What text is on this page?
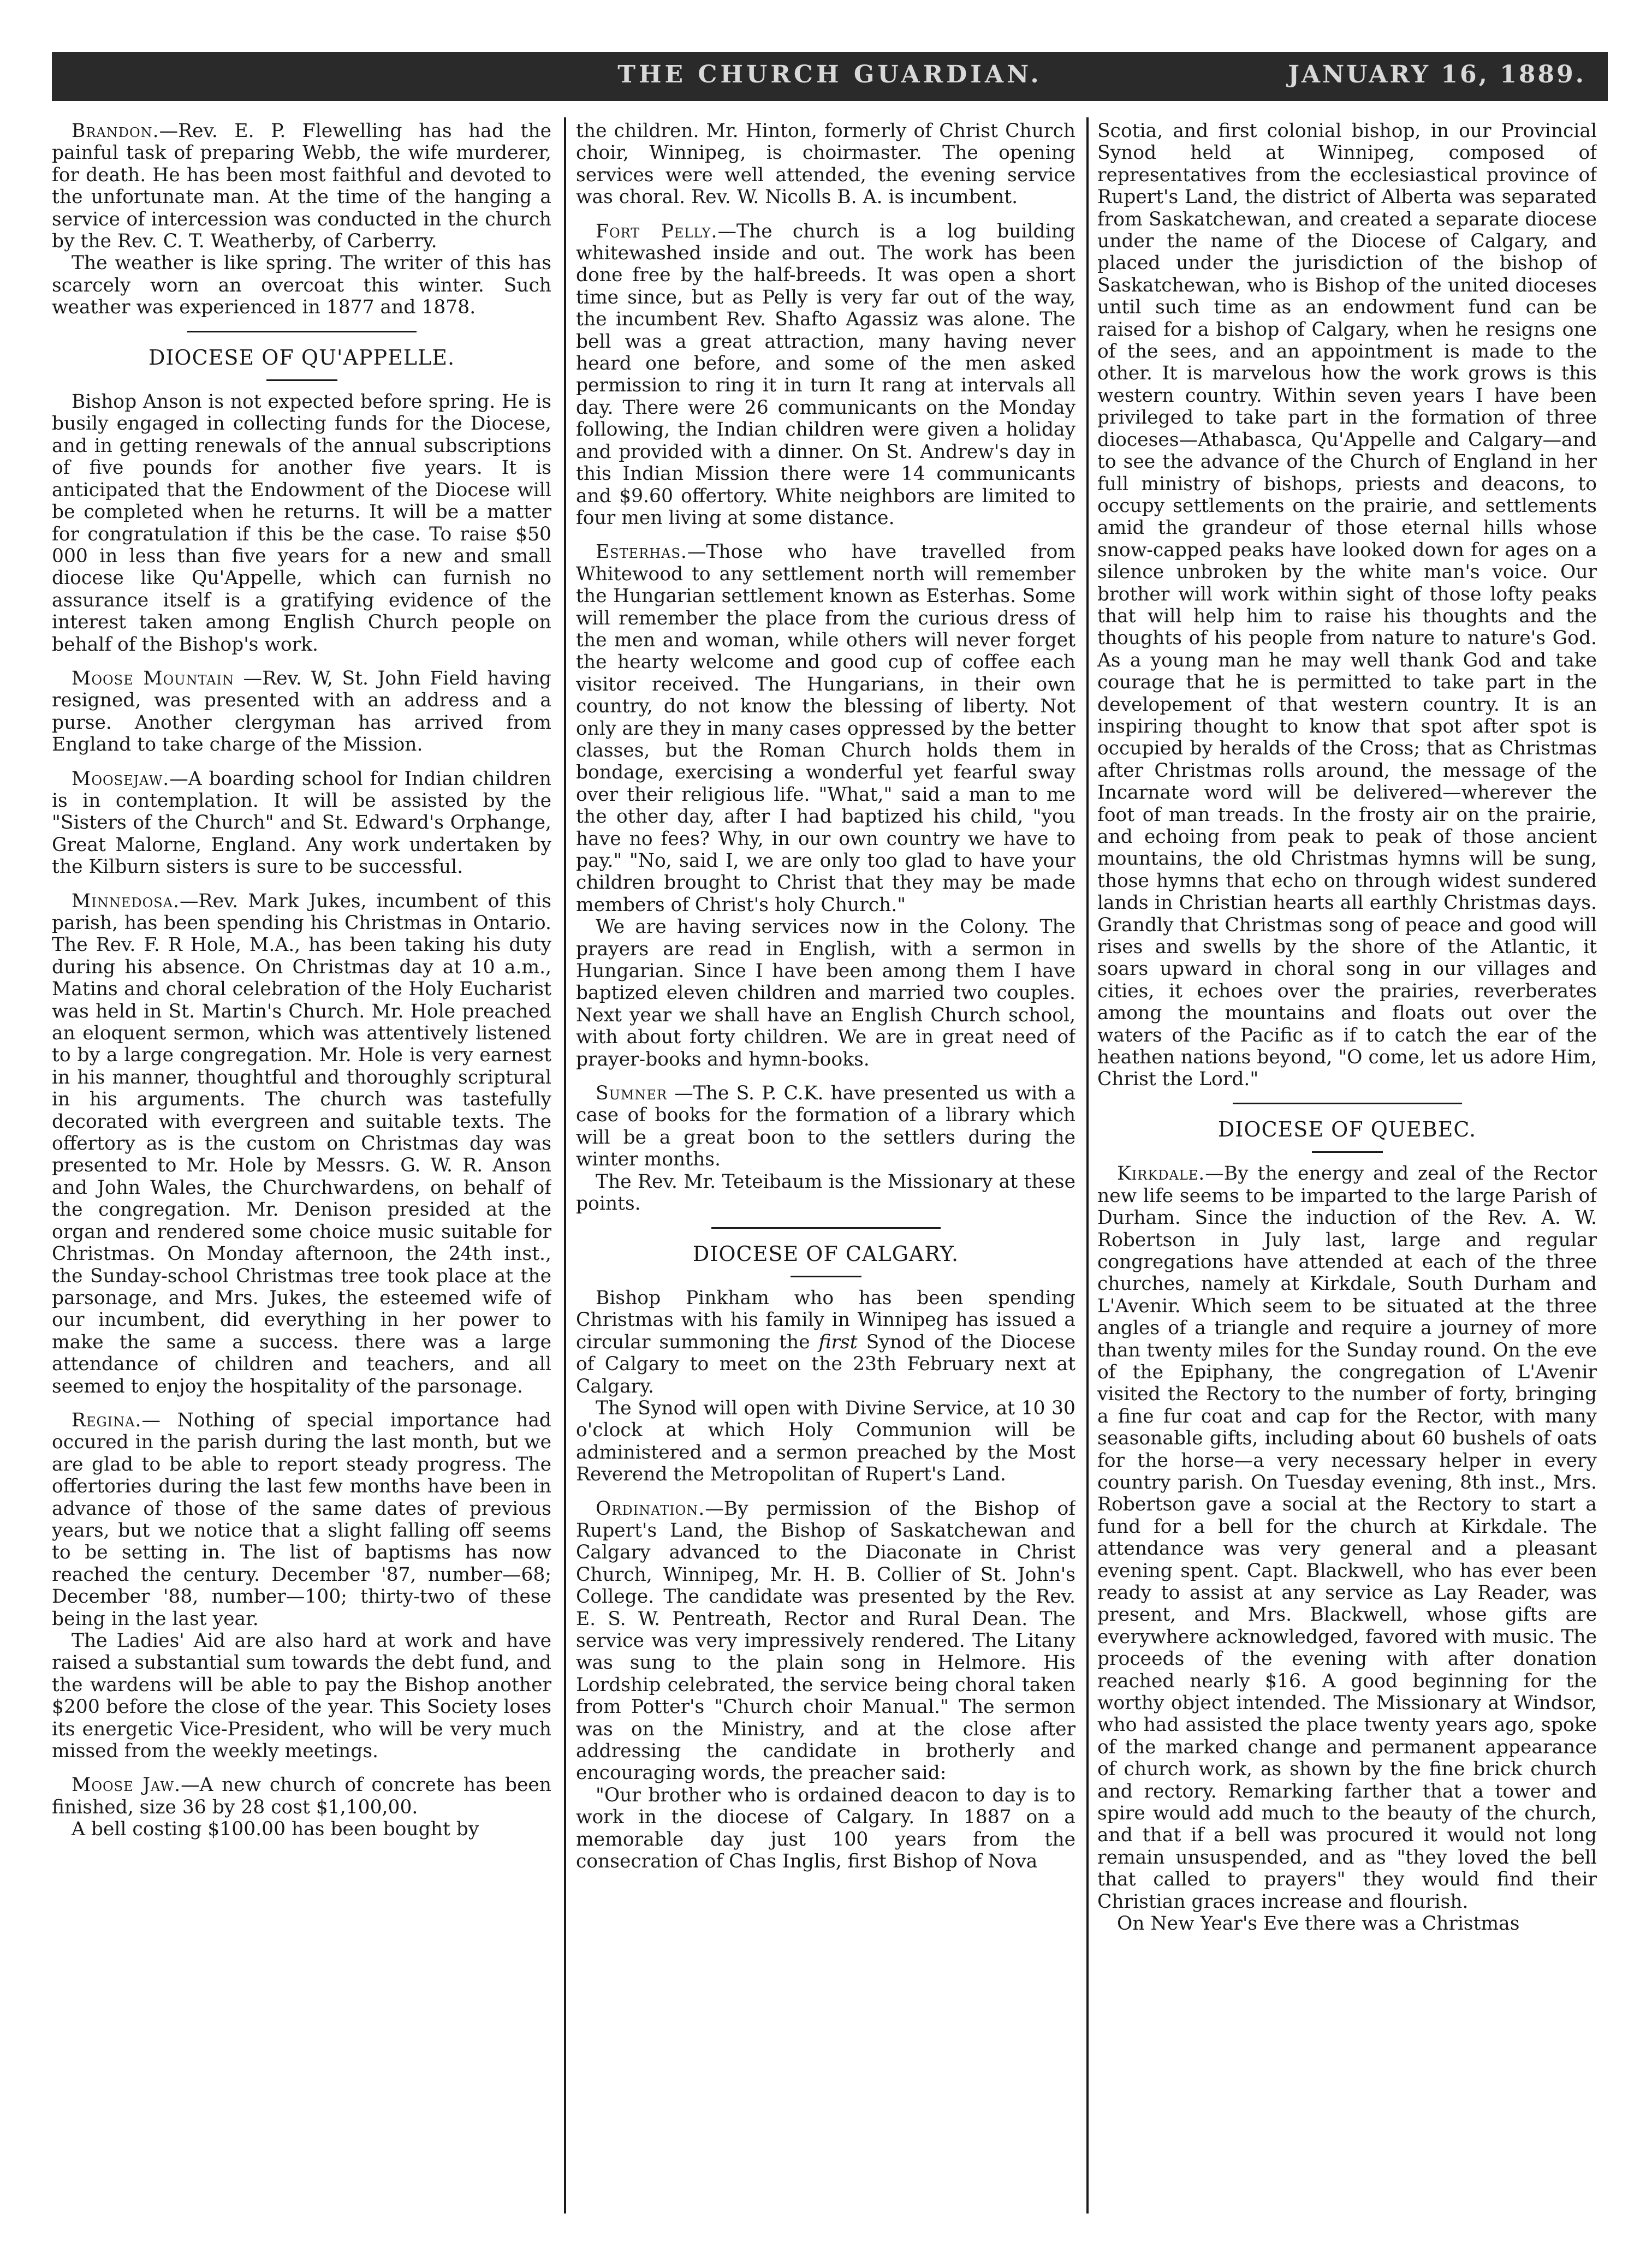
THE CHURCH GUARDIAN.	JANUARY 16, 1889.

Brandon.—Rev. E. P. Flewelling has had the painful task of preparing Webb, the wife murderer, for death. He has been most faithful and devoted to the unfortunate man. At the time of the hanging a service of intercession was conducted in the church by the Rev. C. T. Weatherby, of Carberry.

The weather is like spring. The writer of this has scarcely worn an overcoat this winter. Such weather was experienced in 1877 and 1878.

DIOCESE OF QU'APPELLE.

Bishop Anson is not expected before spring. He is busily engaged in collecting funds for the Diocese, and in getting renewals of the annual subscriptions of five pounds for another five years. It is anticipated that the Endowment of the Diocese will be completed when he returns. It will be a matter for congratulation if this be the case. To raise $50 000 in less than five years for a new and small diocese like Qu'Appelle, which can furnish no assurance itself is a gratifying evidence of the interest taken among English Church people on behalf of the Bishop's work.

Moose Mountain —Rev. W, St. John Field having resigned, was presented with an address and a purse. Another clergyman has arrived from England to take charge of the Mission.

Moosejaw.—A boarding school for Indian children is in contemplation. It will be assisted by the "Sisters of the Church" and St. Edward's Orphange, Great Malorne, England. Any work undertaken by the Kilburn sisters is sure to be successful.

Minnedosa.—Rev. Mark Jukes, incumbent of this parish, has been spending his Christmas in Ontario. The Rev. F. R Hole, M.A., has been taking his duty during his absence. On Christmas day at 10 a.m., Matins and choral celebration of the Holy Eucharist was held in St. Martin's Church. Mr. Hole preached an eloquent sermon, which was attentively listened to by a large congregation. Mr. Hole is very earnest in his manner, thoughtful and thoroughly scriptural in his arguments. The church was tastefully decorated with evergreen and suitable texts. The offertory as is the custom on Christmas day was presented to Mr. Hole by Messrs. G. W. R. Anson and John Wales, the Churchwardens, on behalf of the congregation. Mr. Denison presided at the organ and rendered some choice music suitable for Christmas. On Monday afternoon, the 24th inst., the Sunday-school Christmas tree took place at the parsonage, and Mrs. Jukes, the esteemed wife of our incumbent, did everything in her power to make the same a success. there was a large attendance of children and teachers, and all seemed to enjoy the hospitality of the parsonage.

Regina.— Nothing of special importance had occured in the parish during the last month, but we are glad to be able to report steady progress. The offertories during the last few months have been in advance of those of the same dates of previous years, but we notice that a slight falling off seems to be setting in. The list of baptisms has now reached the century. December '87, number—68; December '88, number—100; thirty-two of these being in the last year.

The Ladies' Aid are also hard at work and have raised a substantial sum towards the debt fund, and the wardens will be able to pay the Bishop another $200 before the close of the year. This Society loses its energetic Vice-President, who will be very much missed from the weekly meetings.

Moose Jaw.—A new church of concrete has been finished, size 36 by 28 cost $1,100,00.

A bell costing $100.00 has been bought by

the children. Mr. Hinton, formerly of Christ Church choir, Winnipeg, is choirmaster. The opening services were well attended, the evening service was choral. Rev. W. Nicolls B. A. is incumbent.

Fort Pelly.—The church is a log building whitewashed inside and out. The work has been done free by the half-breeds. It was open a short time since, but as Pelly is very far out of the way, the incumbent Rev. Shafto Agassiz was alone. The bell was a great attraction, many having never heard one before, and some of the men asked permission to ring it in turn It rang at intervals all day. There were 26 communicants on the Monday following, the Indian children were given a holiday and provided with a dinner. On St. Andrew's day in this Indian Mission there were 14 communicants and $9.60 offertory. White neighbors are limited to four men living at some distance.

Esterhas.—Those who have travelled from Whitewood to any settlement north will remember the Hungarian settlement known as Esterhas. Some will remember the place from the curious dress of the men and woman, while others will never forget the hearty welcome and good cup of coffee each visitor received. The Hungarians, in their own country, do not know the blessing of liberty. Not only are they in many cases oppressed by the better classes, but the Roman Church holds them in bondage, exercising a wonderful yet fearful sway over their religious life. "What," said a man to me the other day, after I had baptized his child, "you have no fees? Why, in our own country we have to pay." "No, said I, we are only too glad to have your children brought to Christ that they may be made members of Christ's holy Church."

We are having services now in the Colony. The prayers are read in English, with a sermon in Hungarian. Since I have been among them I have baptized eleven children and married two couples. Next year we shall have an English Church school, with about forty children. We are in great need of prayer-books and hymn-books.

Sumner —The S. P. C.K. have presented us with a case of books for the formation of a library which will be a great boon to the settlers during the winter months.

The Rev. Mr. Teteibaum is the Missionary at these points.

DIOCESE OF CALGARY.

Bishop Pinkham who has been spending Christmas with his family in Winnipeg has issued a circular summoning the first Synod of the Diocese of Calgary to meet on the 23th February next at Calgary.

The Synod will open with Divine Service, at 10 30 o'clock at which Holy Communion will be administered and a sermon preached by the Most Reverend the Metropolitan of Rupert's Land.

Ordination.—By permission of the Bishop of Rupert's Land, the Bishop of Saskatchewan and Calgary advanced to the Diaconate in Christ Church, Winnipeg, Mr. H. B. Collier of St. John's College. The candidate was presented by the Rev. E. S. W. Pentreath, Rector and Rural Dean. The service was very impressively rendered. The Litany was sung to the plain song in Helmore. His Lordship celebrated, the service being choral taken from Potter's "Church choir Manual." The sermon was on the Ministry, and at the close after addressing the candidate in brotherly and encouraging words, the preacher said:

"Our brother who is ordained deacon to day is to work in the diocese of Calgary. In 1887 on a memorable day just 100 years from the consecration of Chas Inglis, first Bishop of Nova

Scotia, and first colonial bishop, in our Provincial Synod held at Winnipeg, composed of representatives from the ecclesiastical province of Rupert's Land, the district of Alberta was separated from Saskatchewan, and created a separate diocese under the name of the Diocese of Calgary, and placed under the jurisdiction of the bishop of Saskatchewan, who is Bishop of the united dioceses until such time as an endowment fund can be raised for a bishop of Calgary, when he resigns one of the sees, and an appointment is made to the other. It is marvelous how the work grows is this western country. Within seven years I have been privileged to take part in the formation of three dioceses—Athabasca, Qu'Appelle and Calgary—and to see the advance of the Church of England in her full ministry of bishops, priests and deacons, to occupy settlements on the prairie, and settlements amid the grandeur of those eternal hills whose snow-capped peaks have looked down for ages on a silence unbroken by the white man's voice. Our brother will work within sight of those lofty peaks that will help him to raise his thoughts and the thoughts of his people from nature to nature's God. As a young man he may well thank God and take courage that he is permitted to take part in the developement of that western country. It is an inspiring thought to know that spot after spot is occupied by heralds of the Cross; that as Christmas after Christmas rolls around, the message of the Incarnate word will be delivered—wherever the foot of man treads. In the frosty air on the prairie, and echoing from peak to peak of those ancient mountains, the old Christmas hymns will be sung, those hymns that echo on through widest sundered lands in Christian hearts all earthly Christmas days. Grandly that Christmas song of peace and good will rises and swells by the shore of the Atlantic, it soars upward in choral song in our villages and cities, it echoes over the prairies, reverberates among the mountains and floats out over the waters of the Pacific as if to catch the ear of the heathen nations beyond, "O come, let us adore Him, Christ the Lord."

DIOCESE OF QUEBEC.

Kirkdale.—By the energy and zeal of the Rector new life seems to be imparted to the large Parish of Durham. Since the induction of the Rev. A. W. Robertson in July last, large and regular congregations have attended at each of the three churches, namely at Kirkdale, South Durham and L'Avenir. Which seem to be situated at the three angles of a triangle and require a journey of more than twenty miles for the Sunday round. On the eve of the Epiphany, the congregation of L'Avenir visited the Rectory to the number of forty, bringing a fine fur coat and cap for the Rector, with many seasonable gifts, including about 60 bushels of oats for the horse—a very necessary helper in every country parish. On Tuesday evening, 8th inst., Mrs. Robertson gave a social at the Rectory to start a fund for a bell for the church at Kirkdale. The attendance was very general and a pleasant evening spent. Capt. Blackwell, who has ever been ready to assist at any service as Lay Reader, was present, and Mrs. Blackwell, whose gifts are everywhere acknowledged, favored with music. The proceeds of the evening with after donation reached nearly $16. A good beginning for the worthy object intended. The Missionary at Windsor, who had assisted the place twenty years ago, spoke of the marked change and permanent appearance of church work, as shown by the fine brick church and rectory. Remarking farther that a tower and spire would add much to the beauty of the church, and that if a bell was procured it would not long remain unsuspended, and as "they loved the bell that called to prayers" they would find their Christian graces increase and flourish.

On New Year's Eve there was a Christmas
